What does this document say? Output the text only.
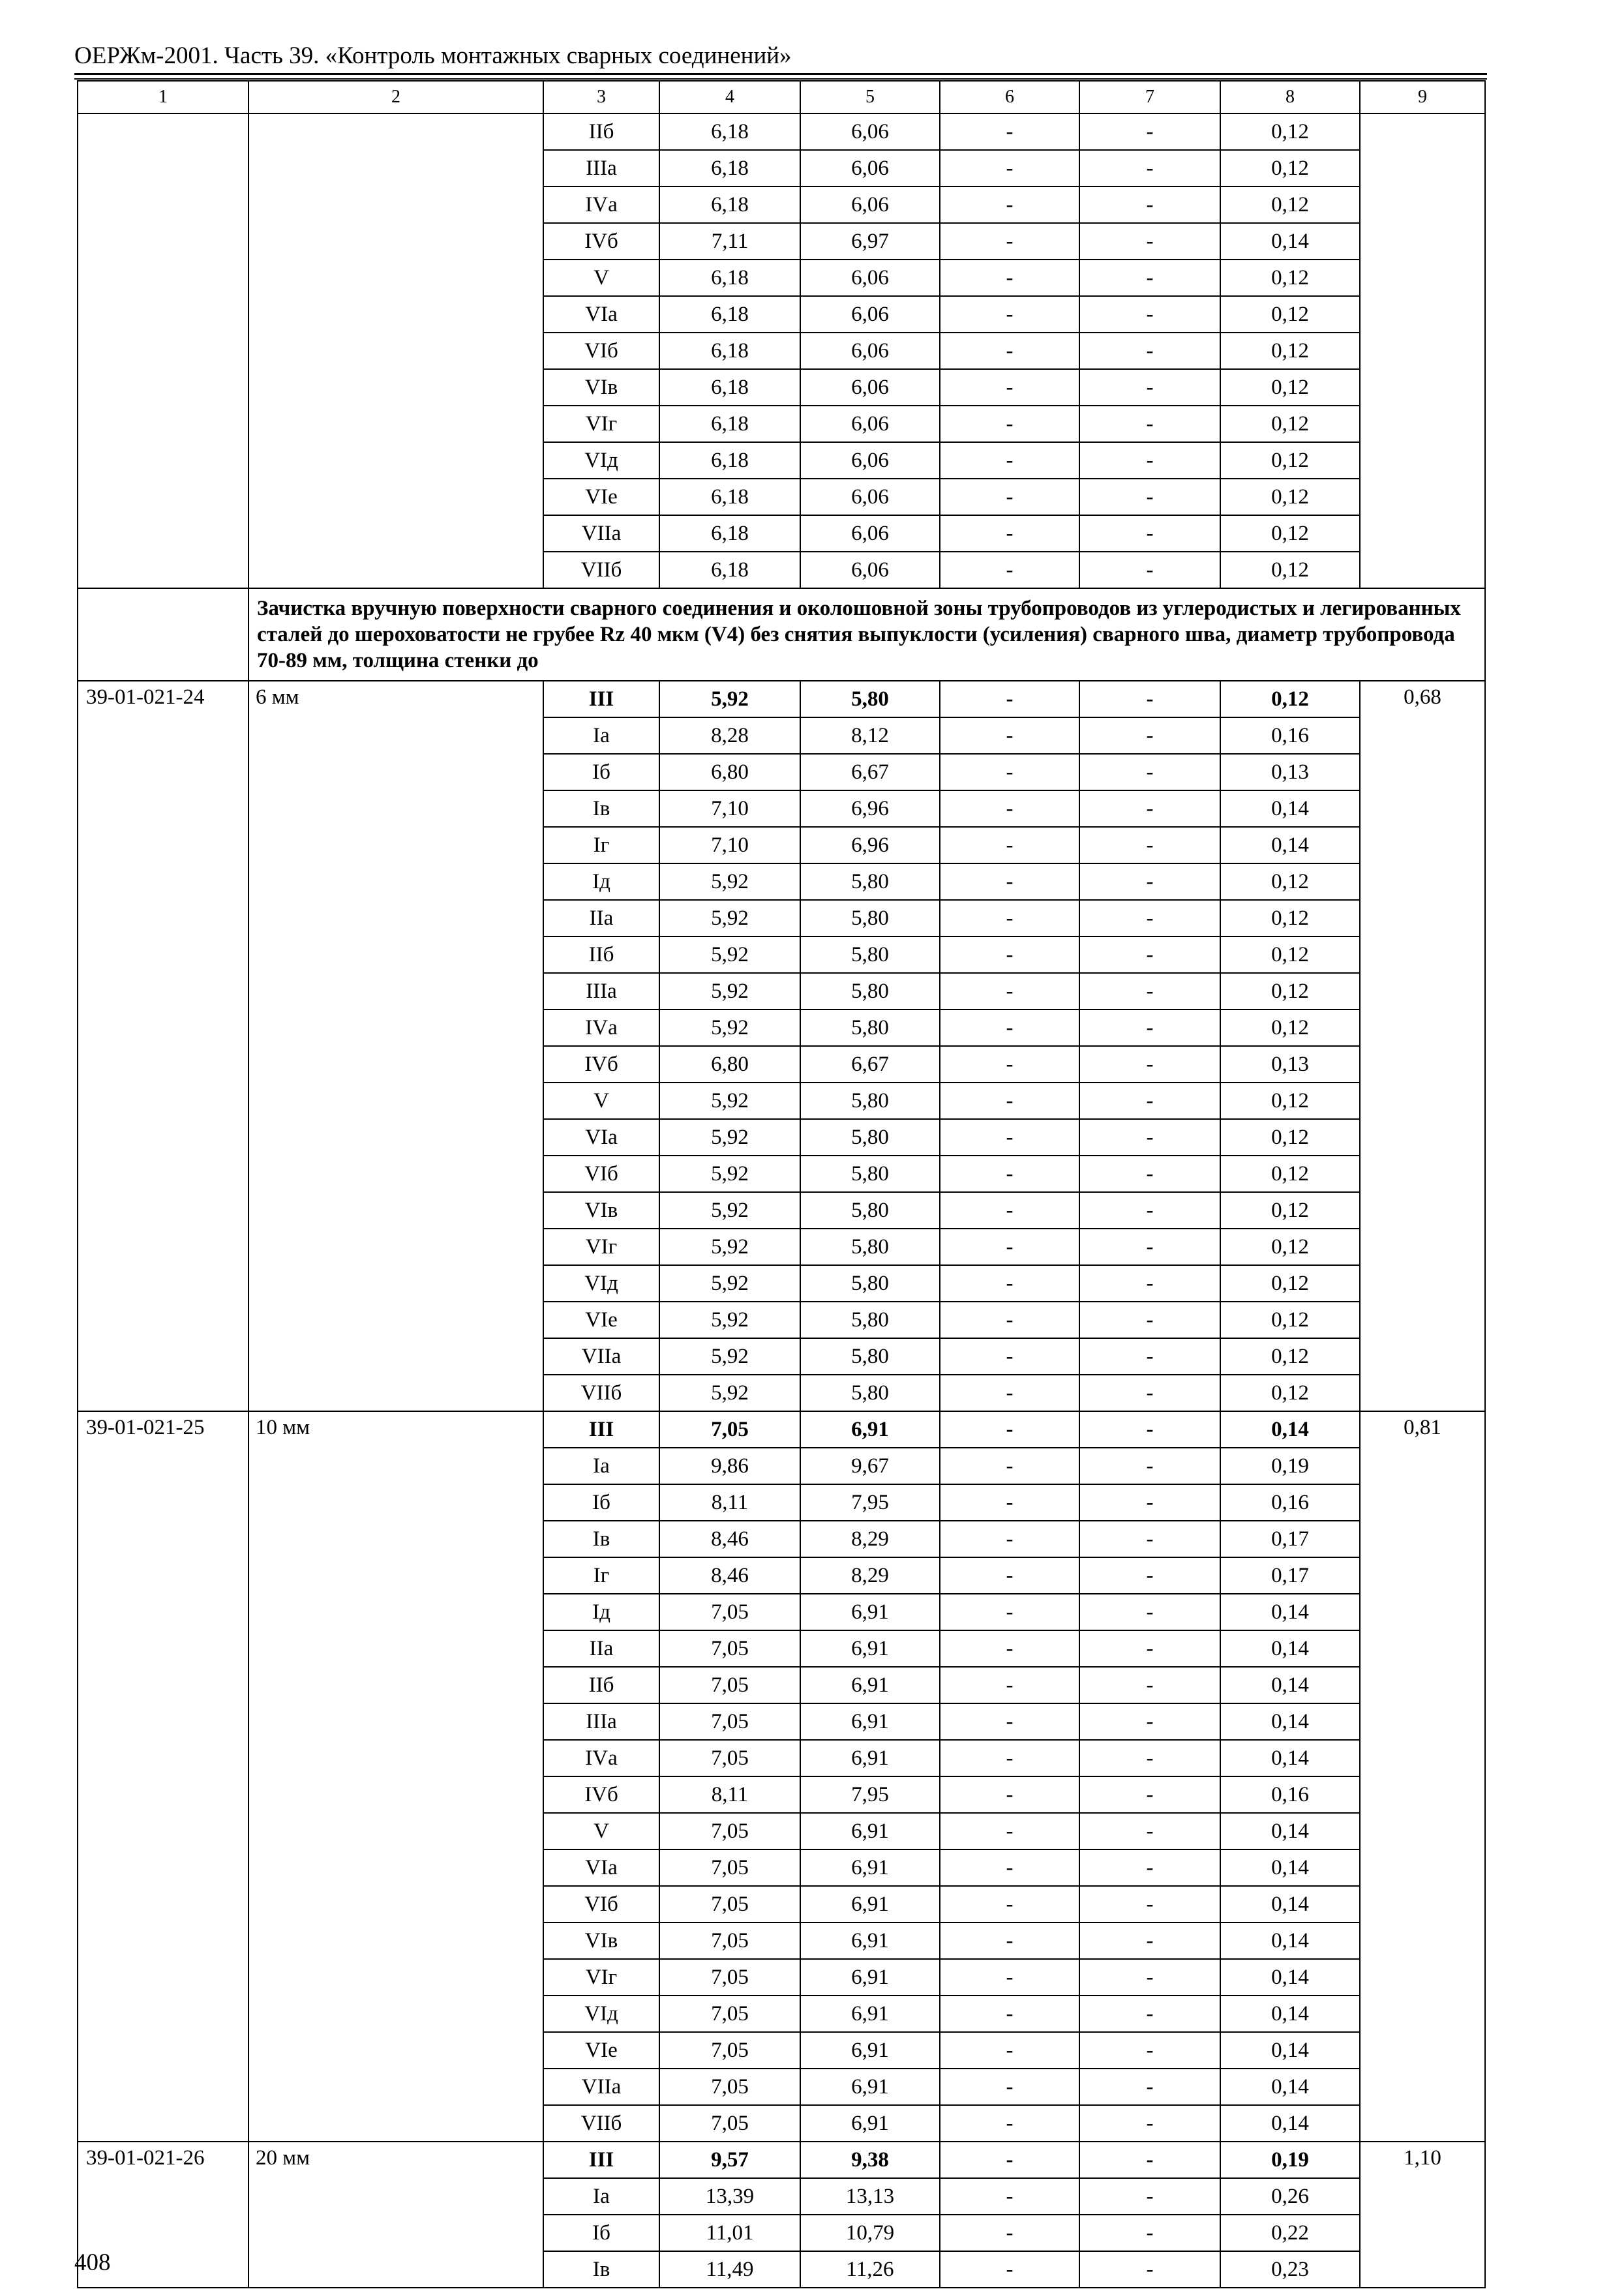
ОЕРЖм-2001. Часть 39. «Контроль монтажных сварных соединений»
1	2	3	4	5	6	7	8	9
		IIб	6,18	6,06	-	-	0,12	
		IIIа	6,18	6,06	-	-	0,12	
		IVа	6,18	6,06	-	-	0,12	
		IVб	7,11	6,97	-	-	0,14	
		V	6,18	6,06	-	-	0,12	
		VIа	6,18	6,06	-	-	0,12	
		VIб	6,18	6,06	-	-	0,12	
		VIв	6,18	6,06	-	-	0,12	
		VIг	6,18	6,06	-	-	0,12	
		VIд	6,18	6,06	-	-	0,12	
		VIе	6,18	6,06	-	-	0,12	
		VIIа	6,18	6,06	-	-	0,12	
		VIIб	6,18	6,06	-	-	0,12	
	Зачистка вручную поверхности сварного соединения и околошовной зоны трубопроводов из углеродистых и легированных сталей до шероховатости не грубее Rz 40 мкм (V4) без снятия выпуклости (усиления) сварного шва, диаметр трубопровода 70-89 мм, толщина стенки до							
39-01-021-24	6 мм	III	5,92	5,80	-	-	0,12	0,68
		Iа	8,28	8,12	-	-	0,16	
		Iб	6,80	6,67	-	-	0,13	
		Iв	7,10	6,96	-	-	0,14	
		Iг	7,10	6,96	-	-	0,14	
		Iд	5,92	5,80	-	-	0,12	
		IIа	5,92	5,80	-	-	0,12	
		IIб	5,92	5,80	-	-	0,12	
		IIIа	5,92	5,80	-	-	0,12	
		IVа	5,92	5,80	-	-	0,12	
		IVб	6,80	6,67	-	-	0,13	
		V	5,92	5,80	-	-	0,12	
		VIа	5,92	5,80	-	-	0,12	
		VIб	5,92	5,80	-	-	0,12	
		VIв	5,92	5,80	-	-	0,12	
		VIг	5,92	5,80	-	-	0,12	
		VIд	5,92	5,80	-	-	0,12	
		VIе	5,92	5,80	-	-	0,12	
		VIIа	5,92	5,80	-	-	0,12	
		VIIб	5,92	5,80	-	-	0,12	
39-01-021-25	10 мм	III	7,05	6,91	-	-	0,14	0,81
		Iа	9,86	9,67	-	-	0,19	
		Iб	8,11	7,95	-	-	0,16	
		Iв	8,46	8,29	-	-	0,17	
		Iг	8,46	8,29	-	-	0,17	
		Iд	7,05	6,91	-	-	0,14	
		IIа	7,05	6,91	-	-	0,14	
		IIб	7,05	6,91	-	-	0,14	
		IIIа	7,05	6,91	-	-	0,14	
		IVа	7,05	6,91	-	-	0,14	
		IVб	8,11	7,95	-	-	0,16	
		V	7,05	6,91	-	-	0,14	
		VIа	7,05	6,91	-	-	0,14	
		VIб	7,05	6,91	-	-	0,14	
		VIв	7,05	6,91	-	-	0,14	
		VIг	7,05	6,91	-	-	0,14	
		VIд	7,05	6,91	-	-	0,14	
		VIе	7,05	6,91	-	-	0,14	
		VIIа	7,05	6,91	-	-	0,14	
		VIIб	7,05	6,91	-	-	0,14	
39-01-021-26	20 мм	III	9,57	9,38	-	-	0,19	1,10
		Iа	13,39	13,13	-	-	0,26	
		Iб	11,01	10,79	-	-	0,22	
		Iв	11,49	11,26	-	-	0,23	
408
